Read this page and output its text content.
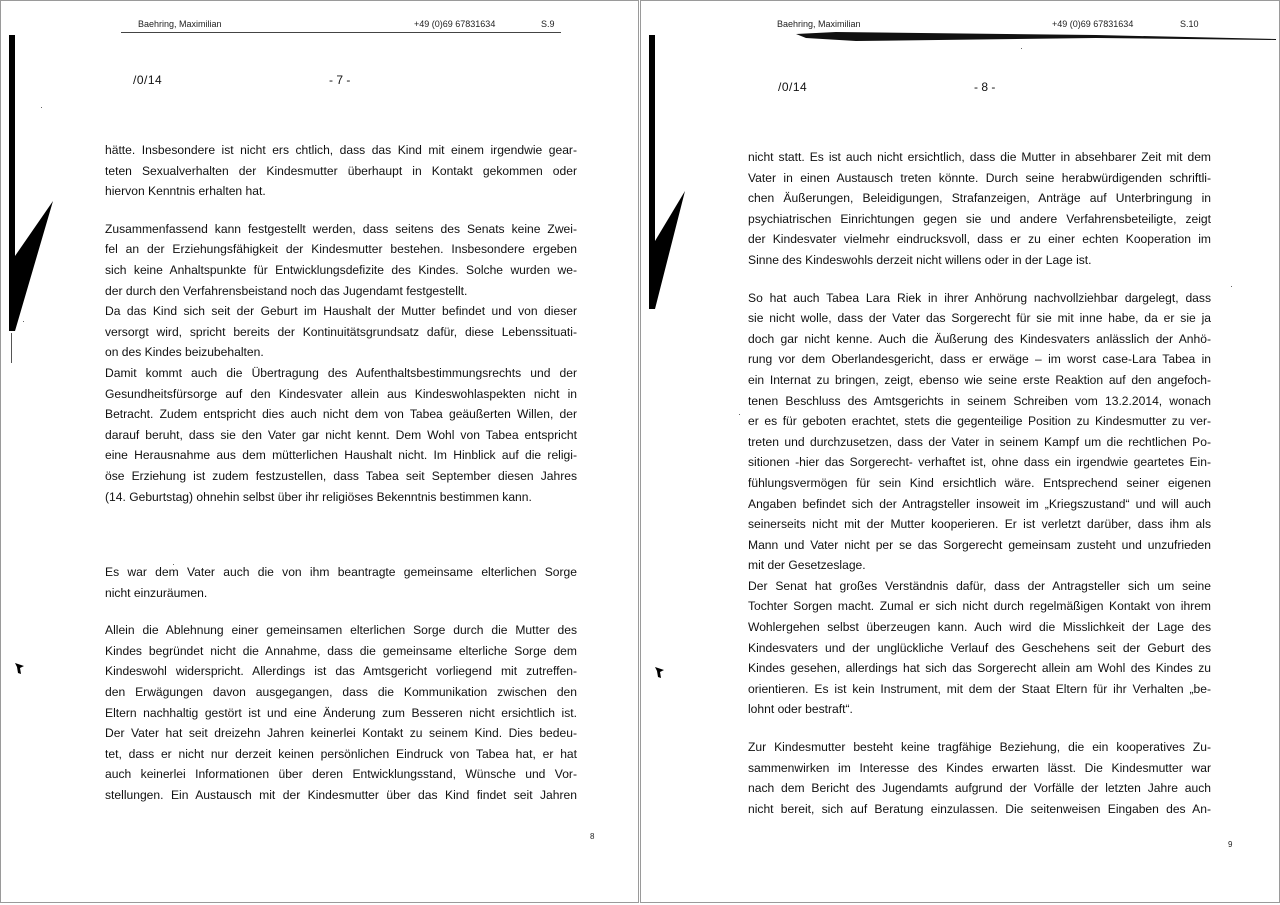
Baehring, Maximilian	+49 (0)69 67831634	S.9
/0/14	- 7 -
hätte. Insbesondere ist nicht ers chtlich, dass das Kind mit einem irgendwie gear-
teten Sexualverhalten der Kindesmutter überhaupt in Kontakt gekommen oder
hiervon Kenntnis erhalten hat.
Zusammenfassend kann festgestellt werden, dass seitens des Senats keine Zwei-
fel an der Erziehungsfähigkeit der Kindesmutter bestehen. Insbesondere ergeben
sich keine Anhaltspunkte für Entwicklungsdefizite des Kindes. Solche wurden we-
der durch den Verfahrensbeistand noch das Jugendamt festgestellt.
Da das Kind sich seit der Geburt im Haushalt der Mutter befindet und von dieser
versorgt wird, spricht bereits der Kontinuitätsgrundsatz dafür, diese Lebenssituati-
on des Kindes beizubehalten.
Damit kommt auch die Übertragung des Aufenthaltsbestimmungsrechts und der
Gesundheitsfürsorge auf den Kindesvater allein aus Kindeswohlaspekten nicht in
Betracht. Zudem entspricht dies auch nicht dem von Tabea geäußerten Willen, der
darauf beruht, dass sie den Vater gar nicht kennt. Dem Wohl von Tabea entspricht
eine Herausnahme aus dem mütterlichen Haushalt nicht. Im Hinblick auf die religi-
öse Erziehung ist zudem festzustellen, dass Tabea seit September diesen Jahres
(14. Geburtstag) ohnehin selbst über ihr religiöses Bekenntnis bestimmen kann.
Es war dem Vater auch die von ihm beantragte gemeinsame elterlichen Sorge
nicht einzuräumen.
Allein die Ablehnung einer gemeinsamen elterlichen Sorge durch die Mutter des
Kindes begründet nicht die Annahme, dass die gemeinsame elterliche Sorge dem
Kindeswohl widerspricht. Allerdings ist das Amtsgericht vorliegend mit zutreffen-
den Erwägungen davon ausgegangen, dass die Kommunikation zwischen den
Eltern nachhaltig gestört ist und eine Änderung zum Besseren nicht ersichtlich ist.
Der Vater hat seit dreizehn Jahren keinerlei Kontakt zu seinem Kind. Dies bedeu-
tet, dass er nicht nur derzeit keinen persönlichen Eindruck von Tabea hat, er hat
auch keinerlei Informationen über deren Entwicklungsstand, Wünsche und Vor-
stellungen. Ein Austausch mit der Kindesmutter über das Kind findet seit Jahren
8
Baehring, Maximilian	+49 (0)69 67831634	S.10
/0/14	- 8 -
nicht statt. Es ist auch nicht ersichtlich, dass die Mutter in absehbarer Zeit mit dem
Vater in einen Austausch treten könnte. Durch seine herabwürdigenden schriftli-
chen Äußerungen, Beleidigungen, Strafanzeigen, Anträge auf Unterbringung in
psychiatrischen Einrichtungen gegen sie und andere Verfahrensbeteiligte, zeigt
der Kindesvater vielmehr eindrucksvoll, dass er zu einer echten Kooperation im
Sinne des Kindeswohls derzeit nicht willens oder in der Lage ist.
So hat auch Tabea Lara Riek in ihrer Anhörung nachvollziehbar dargelegt, dass
sie nicht wolle, dass der Vater das Sorgerecht für sie mit inne habe, da er sie ja
doch gar nicht kenne. Auch die Äußerung des Kindesvaters anlässlich der Anhö-
rung vor dem Oberlandesgericht, dass er erwäge – im worst case-Lara Tabea in
ein Internat zu bringen, zeigt, ebenso wie seine erste Reaktion auf den angefoch-
tenen Beschluss des Amtsgerichts in seinem Schreiben vom 13.2.2014, wonach
er es für geboten erachtet, stets die gegenteilige Position zu Kindesmutter zu ver-
treten und durchzusetzen, dass der Vater in seinem Kampf um die rechtlichen Po-
sitionen -hier das Sorgerecht- verhaftet ist, ohne dass ein irgendwie geartetes Ein-
fühlungsvermögen für sein Kind ersichtlich wäre. Entsprechend seiner eigenen
Angaben befindet sich der Antragsteller insoweit im „Kriegszustand“ und will auch
seinerseits nicht mit der Mutter kooperieren. Er ist verletzt darüber, dass ihm als
Mann und Vater nicht per se das Sorgerecht gemeinsam zusteht und unzufrieden
mit der Gesetzeslage.
Der Senat hat großes Verständnis dafür, dass der Antragsteller sich um seine
Tochter Sorgen macht. Zumal er sich nicht durch regelmäßigen Kontakt von ihrem
Wohlergehen selbst überzeugen kann. Auch wird die Misslichkeit der Lage des
Kindesvaters und der unglückliche Verlauf des Geschehens seit der Geburt des
Kindes gesehen, allerdings hat sich das Sorgerecht allein am Wohl des Kindes zu
orientieren. Es ist kein Instrument, mit dem der Staat Eltern für ihr Verhalten „be-
lohnt oder bestraft“.
Zur Kindesmutter besteht keine tragfähige Beziehung, die ein kooperatives Zu-
sammenwirken im Interesse des Kindes erwarten lässt. Die Kindesmutter war
nach dem Bericht des Jugendamts aufgrund der Vorfälle der letzten Jahre auch
nicht bereit, sich auf Beratung einzulassen. Die seitenweisen Eingaben des An-
9
